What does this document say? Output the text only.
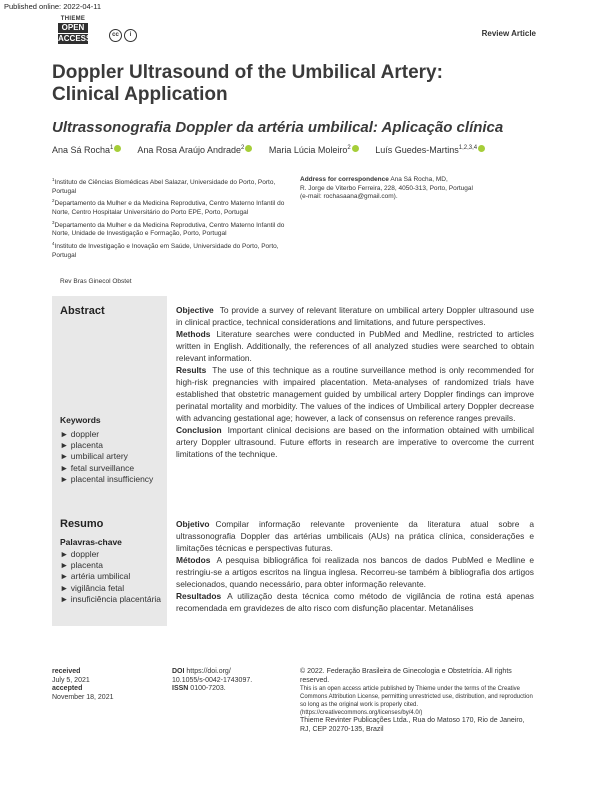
Published online: 2022-04-11
THIEME
OPEN
ACCESS	cc i	Review Article
Doppler Ultrasound of the Umbilical Artery:
Clinical Application
Ultrassonografia Doppler da artéria umbilical: Aplicação clínica
Ana Sá Rocha$^1$	Ana Rosa Araújo Andrade$^2$	Maria Lúcia Moleiro$^2$	Luís Guedes-Martins$^{1,2,3,4}$
$^1$Instituto de Ciências Biomédicas Abel Salazar, Universidade do Porto, Porto, Portugal
$^2$Departamento da Mulher e da Medicina Reprodutiva, Centro Materno Infantil do Norte, Centro Hospitalar Universitário do Porto EPE, Porto, Portugal
$^3$Departamento da Mulher e da Medicina Reprodutiva, Centro Materno Infantil do Norte, Unidade de Investigação e Formação, Porto, Portugal
$^4$Instituto de Investigação e Inovação em Saúde, Universidade do Porto, Porto, Portugal
Address for correspondence Ana Sá Rocha, MD,
R. Jorge de Viterbo Ferreira, 228, 4050-313, Porto, Portugal
(e-mail: rochasaana@gmail.com).
Rev Bras Ginecol Obstet
Abstract
Keywords
► doppler
► placenta
► umbilical artery
► fetal surveillance
► placental insufficiency
Resumo
Palavras-chave
► doppler
► placenta
► artéria umbilical
► vigilância fetal
► insuficiência placentária

Objective To provide a survey of relevant literature on umbilical artery Doppler ultrasound use in clinical practice, technical considerations and limitations, and future perspectives.

Methods Literature searches were conducted in PubMed and Medline, restricted to articles written in English. Additionally, the references of all analyzed studies were searched to obtain relevant information.

Results The use of this technique as a routine surveillance method is only recommended for high-risk pregnancies with impaired placentation. Meta-analyses of randomized trials have established that obstetric management guided by umbilical artery Doppler findings can improve perinatal mortality and morbidity. The values of the indices of Umbilical artery Doppler decrease with advancing gestational age; however, a lack of consensus on reference ranges prevails.

Conclusion Important clinical decisions are based on the information obtained with umbilical artery Doppler ultrasound. Future efforts in research are imperative to overcome the current limitations of the technique.

Objetivo Compilar informação relevante proveniente da literatura atual sobre a ultrassonografia Doppler das artérias umbilicais (AUs) na prática clínica, considerações e limitações técnicas e perspectivas futuras.

Métodos A pesquisa bibliográfica foi realizada nos bancos de dados PubMed e Medline e restringiu-se a artigos escritos na língua inglesa. Recorreu-se também à bibliografia dos artigos selecionados, quando necessário, para obter informação relevante.

Resultados A utilização desta técnica como método de vigilância de rotina está apenas recomendada em gravidezes de alto risco com disfunção placentar. Metanálises

received
July 5, 2021
accepted
November 18, 2021
DOI https://doi.org/
10.1055/s-0042-1743097.
ISSN 0100-7203.
© 2022. Federação Brasileira de Ginecologia e Obstetrícia. All rights reserved.
This is an open access article published by Thieme under the terms of the Creative Commons Attribution License, permitting unrestricted use, distribution, and reproduction so long as the original work is properly cited. (https://creativecommons.org/licenses/by/4.0/)
Thieme Revinter Publicações Ltda., Rua do Matoso 170, Rio de Janeiro, RJ, CEP 20270-135, Brazil
